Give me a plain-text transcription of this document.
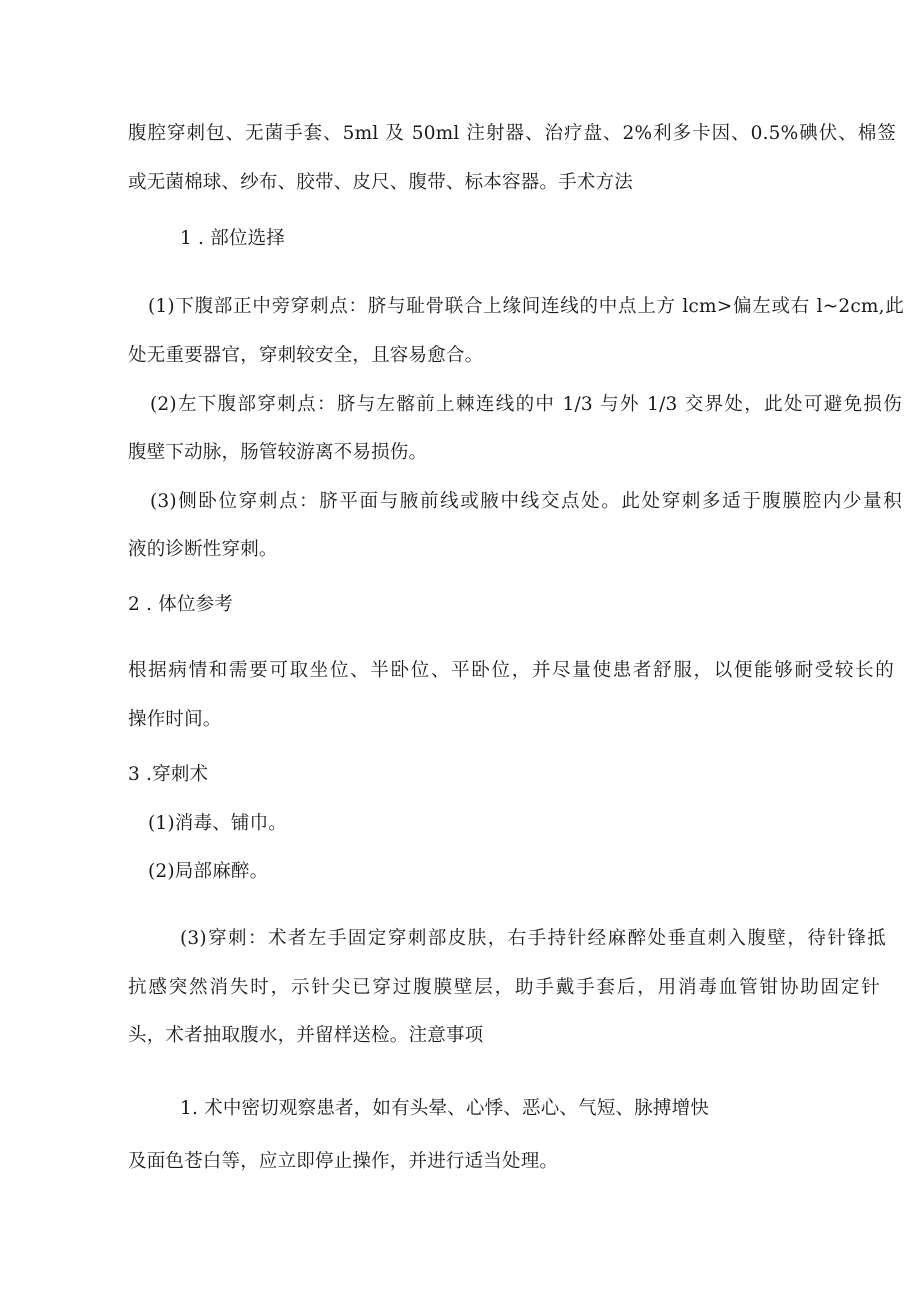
腹腔穿刺包、无菌手套、5ml 及 50ml 注射器、治疗盘、2%利多卡因、0.5%碘伏、棉签
或无菌棉球、纱布、胶带、皮尺、腹带、标本容器。手术方法
1 . 部位选择
(1)下腹部正中旁穿刺点：脐与耻骨联合上缘间连线的中点上方 lcm>偏左或右 l~2cm,此
处无重要器官，穿刺较安全，且容易愈合。
(2)左下腹部穿刺点：脐与左髂前上棘连线的中 1/3 与外 1/3 交界处，此处可避免损伤
腹壁下动脉，肠管较游离不易损伤。
(3)侧卧位穿刺点：脐平面与腋前线或腋中线交点处。此处穿刺多适于腹膜腔内少量积
液的诊断性穿刺。
2 . 体位参考
根据病情和需要可取坐位、半卧位、平卧位，并尽量使患者舒服，以便能够耐受较长的
操作时间。
3 .穿刺术
(1)消毒、铺巾。
(2)局部麻醉。
(3)穿刺：术者左手固定穿刺部皮肤，右手持针经麻醉处垂直刺入腹壁，待针锋抵
抗感突然消失时，示针尖已穿过腹膜壁层，助手戴手套后，用消毒血管钳协助固定针
头，术者抽取腹水，并留样送检。注意事项
1. 术中密切观察患者，如有头晕、心悸、恶心、气短、脉搏增快
及面色苍白等，应立即停止操作，并进行适当处理。
